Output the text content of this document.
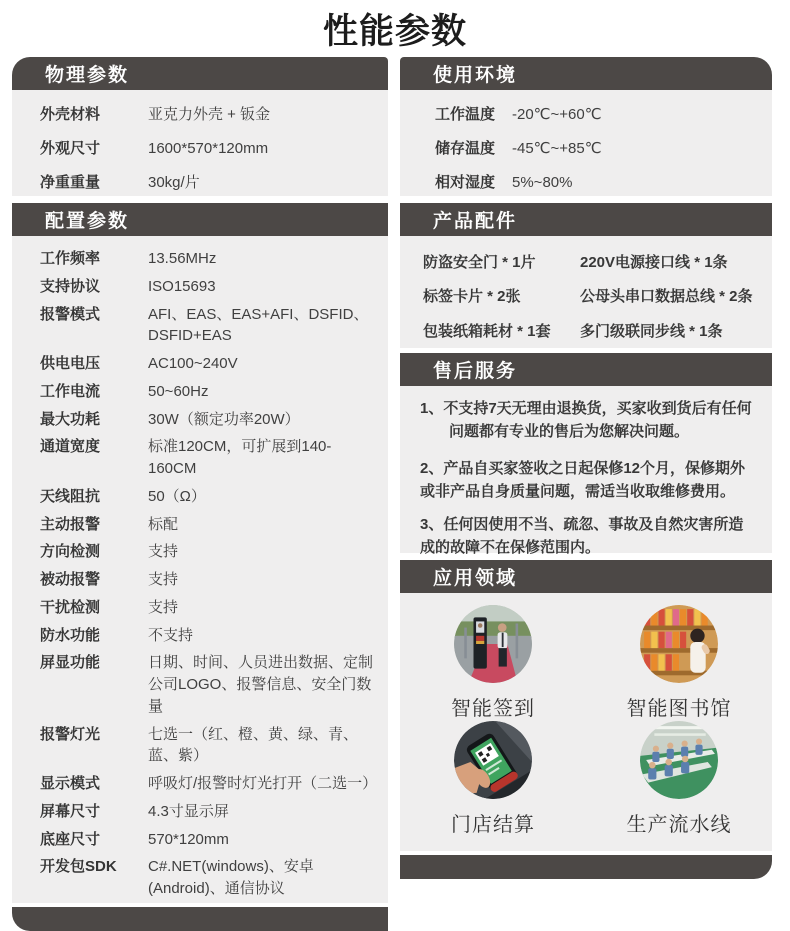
性能参数
物理参数
外壳材料	亚克力外壳 + 钣金
外观尺寸	1600*570*120mm
净重重量	30kg/片
配置参数
工作频率	13.56MHz
支持协议	ISO15693
报警模式	AFI、EAS、EAS+AFI、DSFID、DSFID+EAS
供电电压	AC100~240V
工作电流	50~60Hz
最大功耗	30W（额定功率20W）
通道宽度	标准120CM，可扩展到140-160CM
天线阻抗	50（Ω）
主动报警	标配
方向检测	支持
被动报警	支持
干扰检测	支持
防水功能	不支持
屏显功能	日期、时间、人员进出数据、定制公司LOGO、报警信息、安全门数量
报警灯光	七选一（红、橙、黄、绿、青、蓝、紫）
显示模式	呼吸灯/报警时灯光打开（二选一）
屏幕尺寸	4.3寸显示屏
底座尺寸	570*120mm
开发包SDK	C#.NET(windows)、安卓(Android)、通信协议
使用环境
工作温度 -20℃~+60℃
储存温度 -45℃~+85℃
相对湿度 5%~80%
产品配件
防盗安全门 * 1片	220V电源接口线 * 1条
标签卡片 * 2张	公母头串口数据总线 * 2条
包装纸箱耗材 * 1套	多门级联同步线 * 1条
售后服务

1、不支持7天无理由退换货，买家收到货后有任何问题都有专业的售后为您解决问题。

2、产品自买家签收之日起保修12个月，保修期外或非产品自身质量问题，需适当收取维修费用。

3、任何因使用不当、疏忽、事故及自然灾害所造成的故障不在保修范围内。

应用领域
智能签到	智能图书馆
门店结算	生产流水线
